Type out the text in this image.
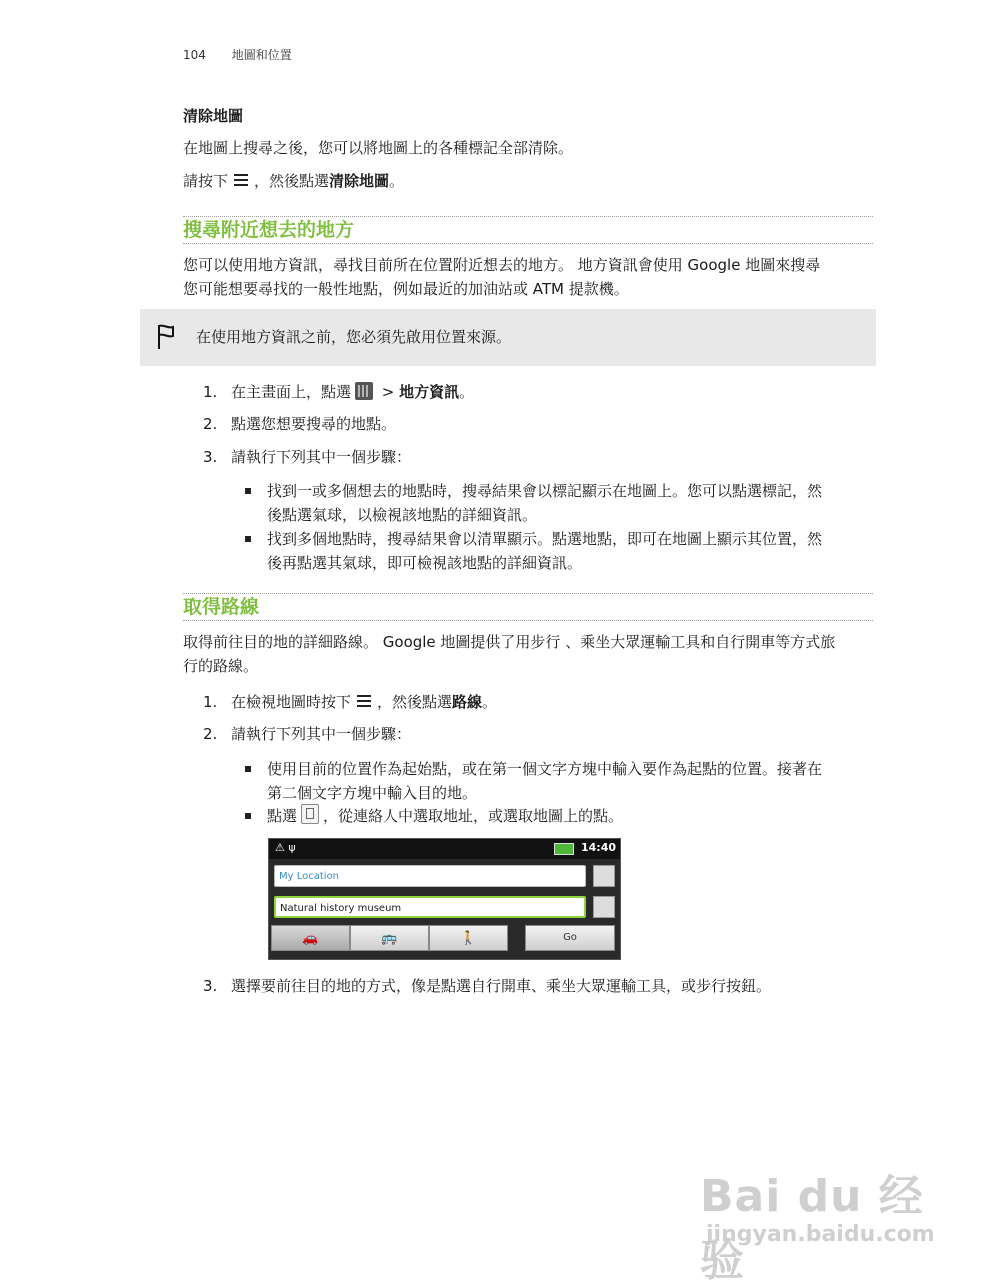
104 地圖和位置
清除地圖
在地圖上搜尋之後，您可以將地圖上的各種標記全部清除。
請按下 ，然後點選清除地圖。
搜尋附近想去的地方
您可以使用地方資訊，尋找目前所在位置附近想去的地方。 地方資訊會使用 Google 地圖來搜尋
您可能想要尋找的一般性地點，例如最近的加油站或 ATM 提款機。
在使用地方資訊之前，您必須先啟用位置來源。
1. 在主畫面上，點選 > 地方資訊。
2. 點選您想要搜尋的地點。
3. 請執行下列其中一個步驟：
找到一或多個想去的地點時，搜尋結果會以標記顯示在地圖上。您可以點選標記，然
後點選氣球，以檢視該地點的詳細資訊。
找到多個地點時，搜尋結果會以清單顯示。點選地點，即可在地圖上顯示其位置，然
後再點選其氣球，即可檢視該地點的詳細資訊。
取得路線
取得前往目的地的詳細路線。 Google 地圖提供了用步行 、乘坐大眾運輸工具和自行開車等方式旅
行的路線。
1. 在檢視地圖時按下 ，然後點選路線。
2. 請執行下列其中一個步驟：
使用目前的位置作為起始點，或在第一個文字方塊中輸入要作為起點的位置。接著在
第二個文字方塊中輸入目的地。
點選 ，從連絡人中選取地址，或選取地圖上的點。
⚠ ψ	14:40
My Location
Natural history museum
🚗	🚌	🚶	Go
3. 選擇要前往目的地的方式，像是點選自行開車、乘坐大眾運輸工具，或步行按鈕。
Bai du 经验
jingyan.baidu.com
